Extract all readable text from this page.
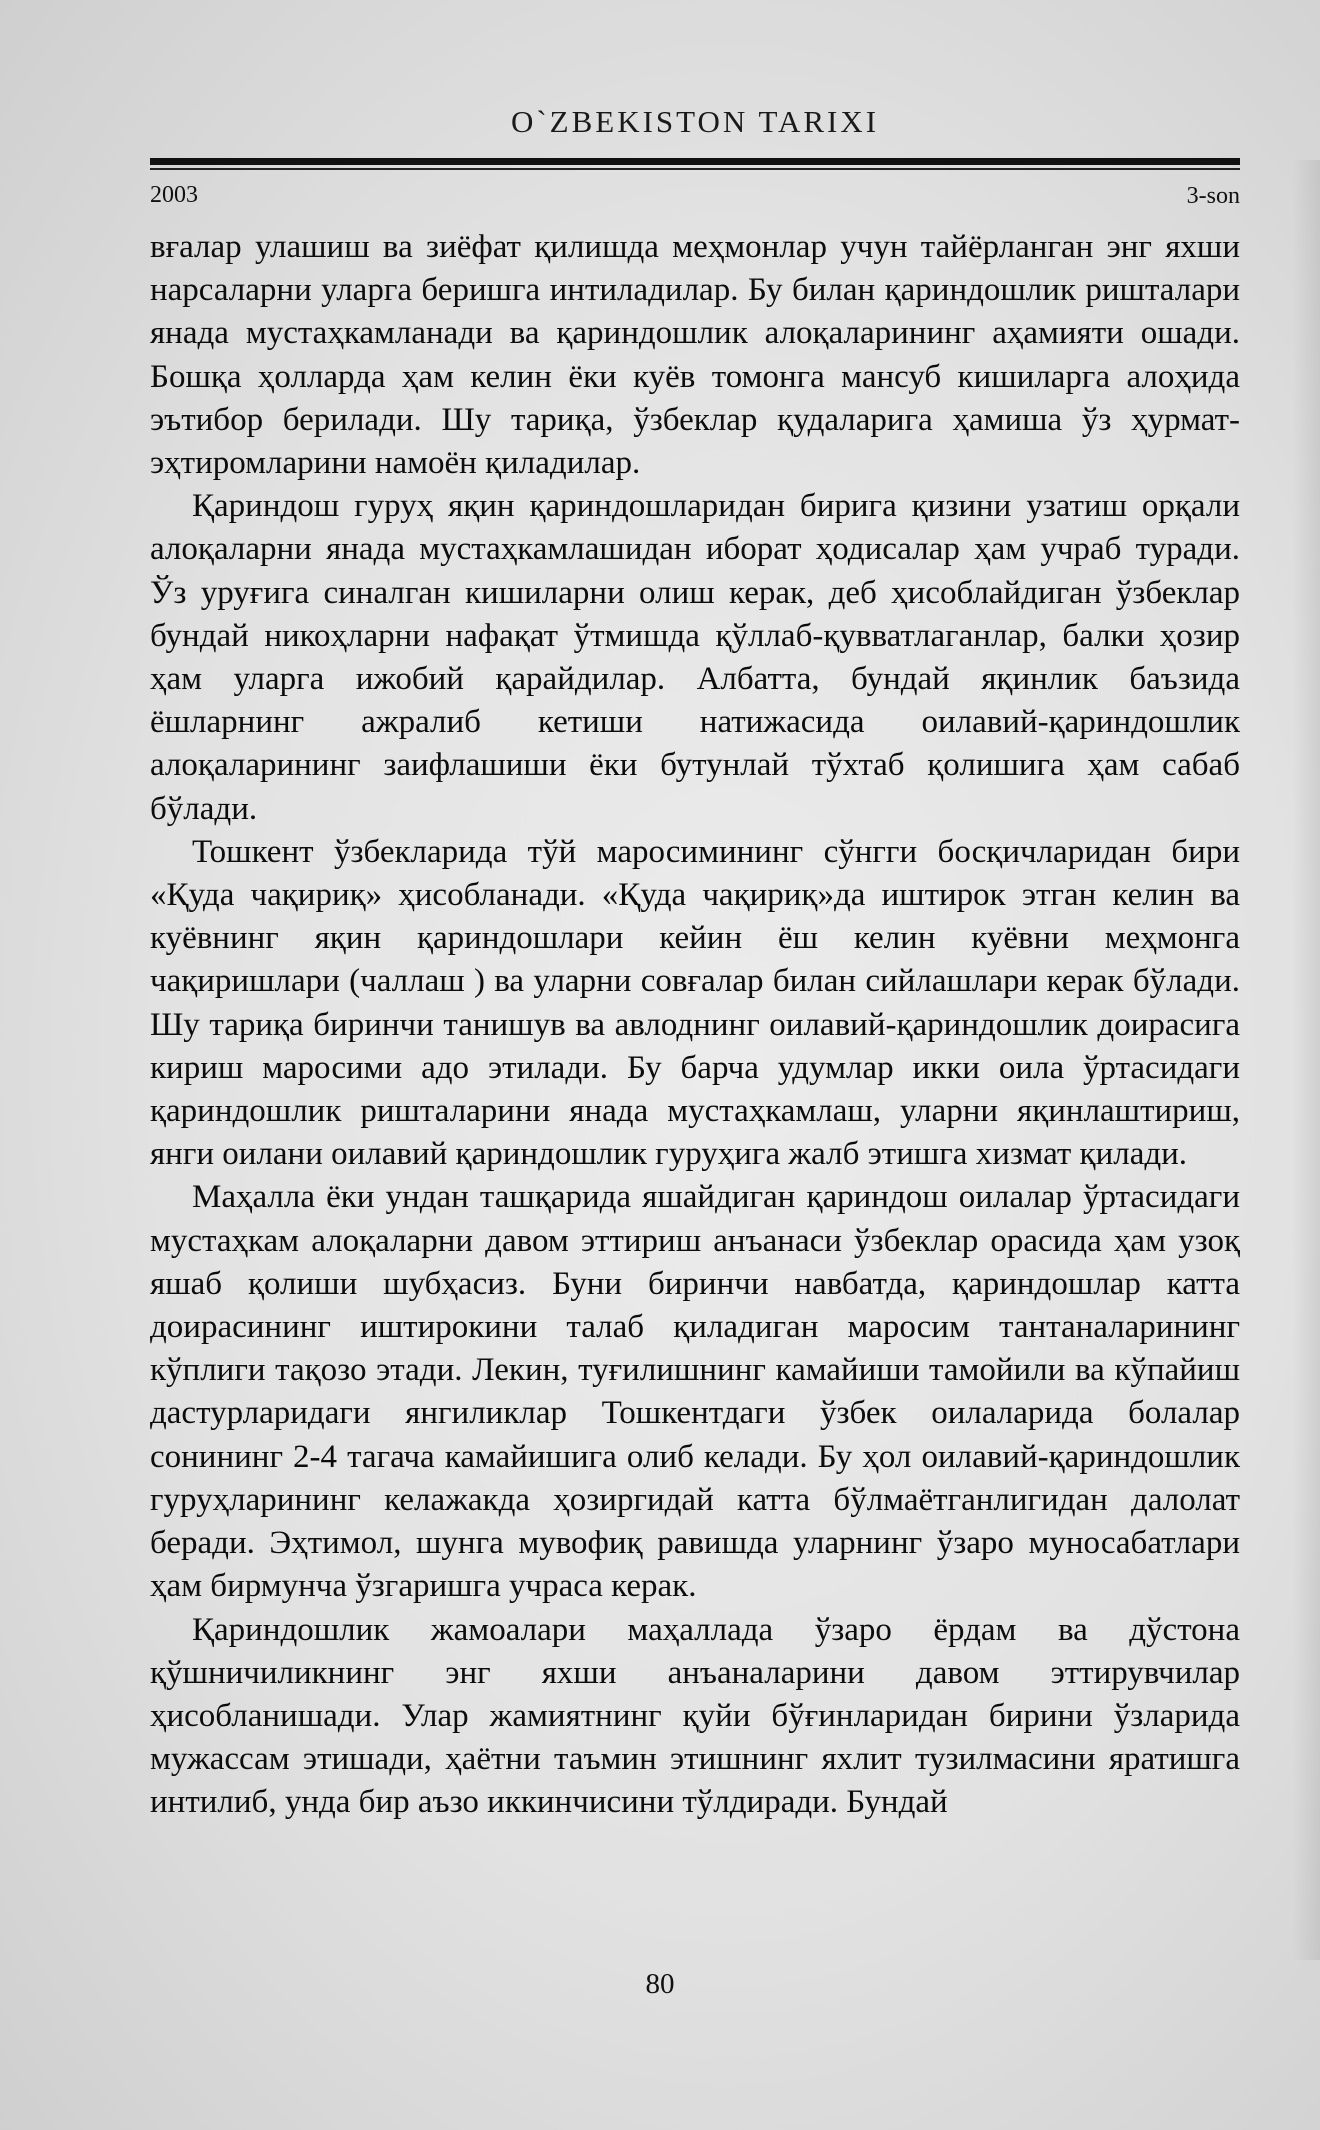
O`ZBEKISTON TARIXI
2003	3-son

вғалар улашиш ва зиёфат қилишда меҳмонлар учун тайёрланган энг яхши нарсаларни уларга беришга интиладилар. Бу билан қариндошлик ришталари янада мустаҳкамланади ва қариндошлик алоқаларининг аҳамияти ошади. Бошқа ҳолларда ҳам келин ёки куёв томонга мансуб кишиларга алоҳида эътибор берилади. Шу тариқа, ўзбеклар қудаларига ҳамиша ўз ҳурмат-эҳтиромларини намоён қиладилар.

Қариндош гуруҳ яқин қариндошларидан бирига қизини узатиш орқали алоқаларни янада мустаҳкамлашидан иборат ҳодисалар ҳам учраб туради. Ўз уруғига синалган кишиларни олиш керак, деб ҳисоблайдиган ўзбеклар бундай никоҳларни нафақат ўтмишда қўллаб-қувватлаганлар, балки ҳозир ҳам уларга ижобий қарайдилар. Албатта, бундай яқинлик баъзида ёшларнинг ажралиб кетиши натижасида оилавий-қариндошлик алоқаларининг заифлашиши ёки бутунлай тўхтаб қолишига ҳам сабаб бўлади.

Тошкент ўзбекларида тўй маросимининг сўнгги босқичларидан бири «Қуда чақириқ» ҳисобланади. «Қуда чақириқ»да иштирок этган келин ва куёвнинг яқин қариндошлари кейин ёш келин куёвни меҳмонга чақиришлари (чаллаш ) ва уларни совғалар билан сийлашлари керак бўлади. Шу тариқа биринчи танишув ва авлоднинг оилавий-қариндошлик доирасига кириш маросими адо этилади. Бу барча удумлар икки оила ўртасидаги қариндошлик ришталарини янада мустаҳкамлаш, уларни яқинлаштириш, янги оилани оилавий қариндошлик гуруҳига жалб этишга хизмат қилади.

Маҳалла ёки ундан ташқарида яшайдиган қариндош оилалар ўртасидаги мустаҳкам алоқаларни давом эттириш анъанаси ўзбеклар орасида ҳам узоқ яшаб қолиши шубҳасиз. Буни биринчи навбатда, қариндошлар катта доирасининг иштирокини талаб қиладиган маросим тантаналарининг кўплиги тақозо этади. Лекин, туғилишнинг камайиши тамойили ва кўпайиш дастурларидаги янгиликлар Тошкентдаги ўзбек оилаларида болалар сонининг 2-4 тагача камайишига олиб келади. Бу ҳол оилавий-қариндошлик гуруҳларининг келажакда ҳозиргидай катта бўлмаётганлигидан далолат беради. Эҳтимол, шунга мувофиқ равишда уларнинг ўзаро муносабатлари ҳам бирмунча ўзгаришга учраса керак.

Қариндошлик жамоалари маҳаллада ўзаро ёрдам ва дўстона қўшничиликнинг энг яхши анъаналарини давом эттирувчилар ҳисобланишади. Улар жамиятнинг қуйи бўғинларидан бирини ўзларида мужассам этишади, ҳаётни таъмин этишнинг яхлит тузилмасини яратишга интилиб, унда бир аъзо иккинчисини тўлдиради. Бундай

80
